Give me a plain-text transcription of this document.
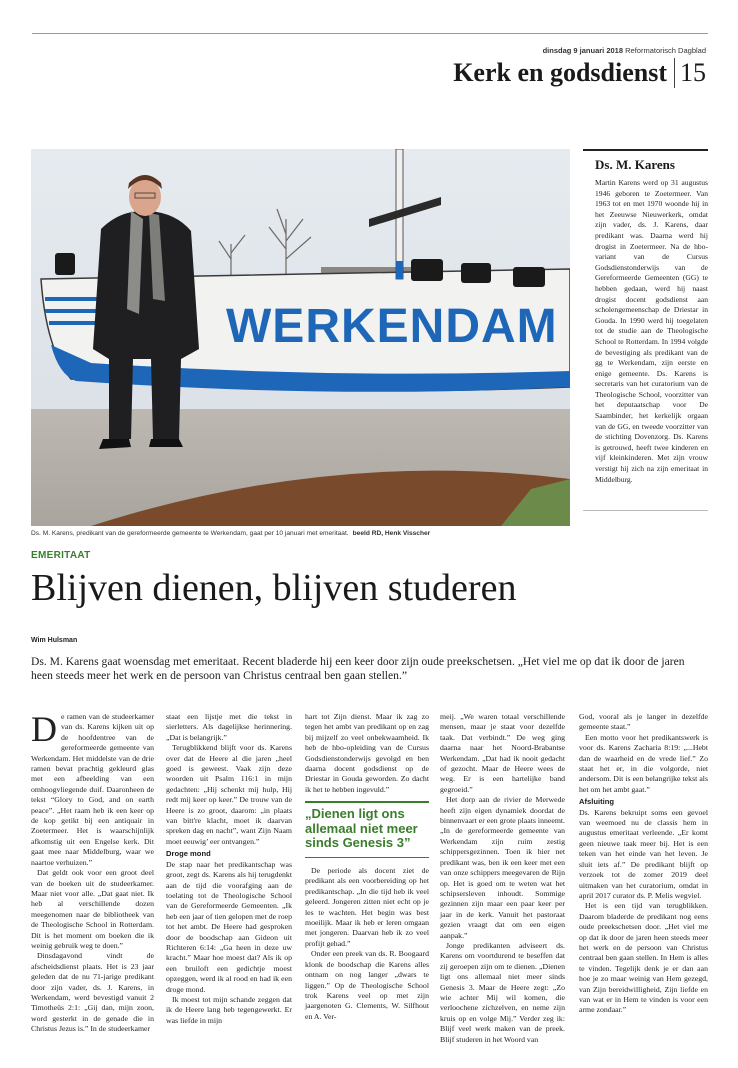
dinsdag 9 januari 2018 Reformatorisch Dagblad
Kerk en godsdienst 15
WERKENDAM
Ds. M. Karens, predikant van de gereformeerde gemeente te Werkendam, gaat per 10 januari met emeritaat. beeld RD, Henk Visscher
Ds. M. Karens

Martin Karens werd op 31 augustus 1946 geboren te Zoetermeer. Van 1963 tot en met 1970 woonde hij in het Zeeuwse Nieuwerkerk, omdat zijn vader, ds. J. Karens, daar predikant was. Daarna werd hij drogist in Zoetermeer. Na de hbo-variant van de Cursus Godsdienstonderwijs van de Gereformeerde Gemeenten (GG) te hebben gedaan, werd hij naast drogist docent godsdienst aan scholengemeenschap de Driestar in Gouda. In 1990 werd hij toegelaten tot de studie aan de Theologische School te Rotterdam. In 1994 volgde de bevestiging als predikant van de gg te Werkendam, zijn eerste en enige gemeente. Ds. Karens is secretaris van het curatorium van de Theologische School, voorzitter van het deputaatschap voor De Saambinder, het kerkelijk orgaan van de GG, en tweede voorzitter van de stichting Dovenzorg. Ds. Karens is getrouwd, heeft twee kinderen en vijf kleinkinderen. Met zijn vrouw verstigt hij zich na zijn emeritaat in Middelburg.

EMERITAAT
Blijven dienen, blijven studeren
Wim Hulsman
Ds. M. Karens gaat woensdag met emeritaat. Recent bladerde hij een keer door zijn oude preekschetsen. „Het viel me op dat ik door de jaren heen steeds meer het werk en de persoon van Christus centraal ben gaan stellen.”
D e ramen van de studeerkamer van ds. Karens kijken uit op de hoofdentree van de gereformeerde gemeente van Werkendam. Het middelste van de drie ramen bevat prachtig gekleurd glas met een afbeelding van een omhoogvliegende duif. Daaronheen de tekst “Glory to God, and on earth peace”. „Het raam heb ik een keer op de kop getikt bij een antiquair in Zoetermeer. Het is waarschijnlijk afkomstig uit een Engelse kerk. Dit gaat mee naar Middelburg, waar we naartoe verhuizen.”

Dat geldt ook voor een groot deel van de boeken uit de studeerkamer. Maar niet voor alle. „Dat gaat niet. Ik heb al verschillende dozen meegenomen naar de bibliotheek van de Theologische School in Rotterdam. Dit is het moment om boeken die ik weinig gebruik weg te doen.”

Dinsdagavond vindt de afscheidsdienst plaats. Het is 23 jaar geleden dat de nu 71-jarige predikant door zijn vader, ds. J. Karens, in Werkendam, werd bevestigd vanuit 2 Timotheüs 2:1: „Gij dan, mijn zoon, word gesterkt in de genade die in Christus Jezus is.” In de studeerkamer

staat een lijstje met die tekst in sierletters. Als dagelijkse herinnering. „Dat is belangrijk.”

Terugblikkend blijft voor ds. Karens over dat de Heere al die jaren „heel goed is geweest. Vaak zijn deze woorden uit Psalm 116:1 in mijn gedachten: „Hij schenkt mij hulp, Hij redt mij keer op keer.” De trouw van de Heere is zo groot, daarom: „in plaats van bitt're klacht, moet ik daarvan spreken dag en nacht”, want Zijn Naam moet eeuwig’ eer ontvangen.”

Droge mond

De stap naar het predikantschap was groot, zegt ds. Karens als hij terugdenkt aan de tijd die voorafging aan de toelating tot de Theologische School van de Gereformeerde Gemeenten. „Ik heb een jaar of tien gelopen met de roep tot het ambt. De Heere had gesproken door de boodschap aan Gideon uit Richteren 6:14: „Ga heen in deze uw kracht.” Maar hoe moest dat? Als ik op een bruiloft een gedichtje moest opzeggen, werd ik al rood en had ik een droge mond.

Ik moest tot mijn schande zeggen dat ik de Heere lang heb tegengewerkt. Er was liefde in mijn

hart tot Zijn dienst. Maar ik zag zo tegen het ambt van predikant op en zag bij mijzelf zo veel onbekwaamheid. Ik heb de hbo-opleiding van de Cursus Godsdienstonderwijs gevolgd en ben daarna docent godsdienst op de Driestar in Gouda geworden. Zo dacht ik het te hebben ingevuld.”

„Dienen ligt ons allemaal niet meer sinds Genesis 3”

De periode als docent ziet de predikant als een voorbereiding op het predikantschap. „In die tijd heb ik veel geleerd. Jongeren zitten niet echt op je les te wachten. Het begin was best moeilijk. Maar ik heb er leren omgaan met jongeren. Daarvan heb ik zo veel profijt gehad.”

Onder een preek van ds. R. Boogaard klonk de boodschap die Karens alles ontnam on nog langer „dwars te liggen.” Op de Theologische School trok Karens veel op met zijn jaargenoten G. Clements, W. Silfhout en A. Ver-

meij. „We waren totaal verschillende mensen, maar je staat voor dezelfde taak. Dat verbindt.” De weg ging daarna naar het Noord-Brabantse Werkendam. „Dat had ik nooit gedacht of gezocht. Maar de Heere wees de weg. Er is een hartelijke band gegroeid.”

Het dorp aan de rivier de Merwede heeft zijn eigen dynamiek doordat de binnenvaart er een grote plaats inneemt. „In de gereformeerde gemeente van Werkendam zijn ruim zestig schippersgezinnen. Toen ik hier net predikant was, ben ik een keer met een van onze schippers meegevaren de Rijn op. Het is goed om te weten wat het schipsersleven inhoudt. Sommige gezinnen zijn maar een paar keer per jaar in de kerk. Vanuit het pastoraat gezien vraagt dat om een eigen aanpak.”

Jonge predikanten adviseert ds. Karens om voortdurend te beseffen dat zij geroepen zijn om te dienen. „Dienen ligt ons allemaal niet meer sinds Genesis 3. Maar de Heere zegt: „Zo wie achter Mij wil komen, die verloochene zichzelven, en neme zijn kruis op en volge Mij.” Verder zeg ik: Blijf veel werk maken van de preek. Blijf studeren in het Woord van

God, vooral als je langer in dezelfde gemeente staat.”

Een motto voor het predikantswerk is voor ds. Karens Zacharia 8:19: „...Hebt dan de waarheid en de vrede lief.” Zo staat het er, in die volgorde, niet andersom. Dit is een belangrijke tekst als het om het ambt gaat.”

Afsluiting

Ds. Karens bekruipt soms een gevoel van weemoed nu de classis hem in augustus emeritaat verleende. „Er komt geen nieuwe taak meer bij. Het is een teken van het einde van het leven. Je sluit iets af.” De predikant blijft op verzoek tot de zomer 2019 deel uitmaken van het curatorium, omdat in april 2017 curator ds. P. Melis wegviel.

Het is een tijd van terugblikken. Daarom bladerde de predikant nog eens oude preekschetsen door. „Het viel me op dat ik door de jaren heen steeds meer het werk en de persoon van Christus centraal ben gaan stellen. In Hem is alles te vinden. Tegelijk denk je er dan aan hoe je zo maar weinig van Hem gezegd, van Zijn bereidwilligheid, Zijn liefde en van wat er in Hem te vinden is voor een arme zondaar.”
